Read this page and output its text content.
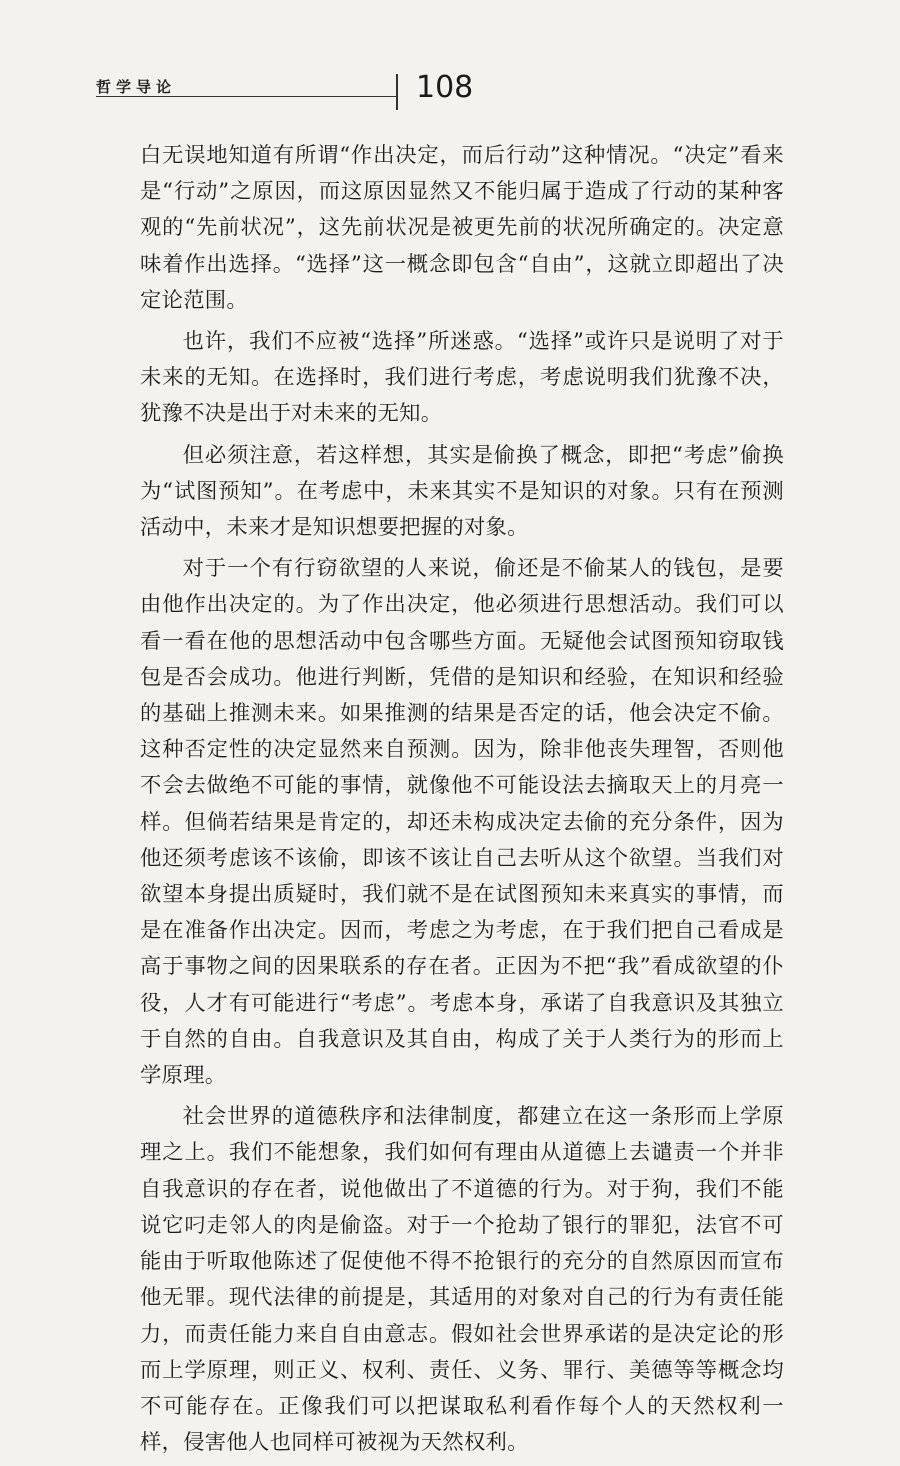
哲学导论	108

白无误地知道有所谓“作出决定，而后行动”这种情况。“决定”看来是“行动”之原因，而这原因显然又不能归属于造成了行动的某种客观的“先前状况”，这先前状况是被更先前的状况所确定的。决定意味着作出选择。“选择”这一概念即包含“自由”，这就立即超出了决定论范围。

也许，我们不应被“选择”所迷惑。“选择”或许只是说明了对于未来的无知。在选择时，我们进行考虑，考虑说明我们犹豫不决，犹豫不决是出于对未来的无知。

但必须注意，若这样想，其实是偷换了概念，即把“考虑”偷换为“试图预知”。在考虑中，未来其实不是知识的对象。只有在预测活动中，未来才是知识想要把握的对象。

对于一个有行窃欲望的人来说，偷还是不偷某人的钱包，是要由他作出决定的。为了作出决定，他必须进行思想活动。我们可以看一看在他的思想活动中包含哪些方面。无疑他会试图预知窃取钱包是否会成功。他进行判断，凭借的是知识和经验，在知识和经验的基础上推测未来。如果推测的结果是否定的话，他会决定不偷。这种否定性的决定显然来自预测。因为，除非他丧失理智，否则他不会去做绝不可能的事情，就像他不可能设法去摘取天上的月亮一样。但倘若结果是肯定的，却还未构成决定去偷的充分条件，因为他还须考虑该不该偷，即该不该让自己去听从这个欲望。当我们对欲望本身提出质疑时，我们就不是在试图预知未来真实的事情，而是在准备作出决定。因而，考虑之为考虑，在于我们把自己看成是高于事物之间的因果联系的存在者。正因为不把“我”看成欲望的仆役，人才有可能进行“考虑”。考虑本身，承诺了自我意识及其独立于自然的自由。自我意识及其自由，构成了关于人类行为的形而上学原理。

社会世界的道德秩序和法律制度，都建立在这一条形而上学原理之上。我们不能想象，我们如何有理由从道德上去谴责一个并非自我意识的存在者，说他做出了不道德的行为。对于狗，我们不能说它叼走邻人的肉是偷盗。对于一个抢劫了银行的罪犯，法官不可能由于听取他陈述了促使他不得不抢银行的充分的自然原因而宣布他无罪。现代法律的前提是，其适用的对象对自己的行为有责任能力，而责任能力来自自由意志。假如社会世界承诺的是决定论的形而上学原理，则正义、权利、责任、义务、罪行、美德等等概念均不可能存在。正像我们可以把谋取私利看作每个人的天然权利一样，侵害他人也同样可被视为天然权利。
